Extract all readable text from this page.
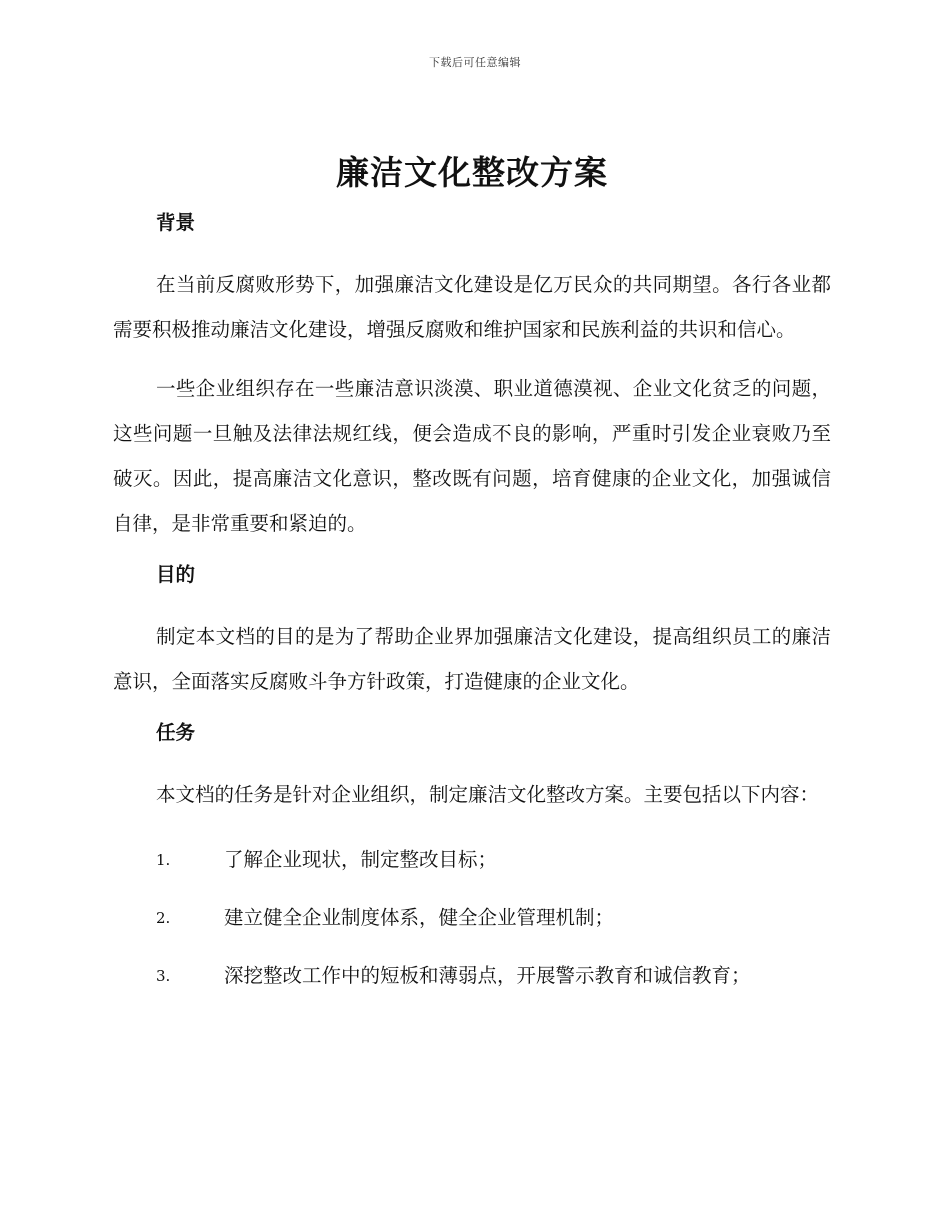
下载后可任意编辑
廉洁文化整改方案
背景

在当前反腐败形势下，加强廉洁文化建设是亿万民众的共同期望。各行各业都需要积极推动廉洁文化建设，增强反腐败和维护国家和民族利益的共识和信心。

一些企业组织存在一些廉洁意识淡漠、职业道德漠视、企业文化贫乏的问题，这些问题一旦触及法律法规红线，便会造成不良的影响，严重时引发企业衰败乃至破灭。因此，提高廉洁文化意识，整改既有问题，培育健康的企业文化，加强诚信自律，是非常重要和紧迫的。

目的

制定本文档的目的是为了帮助企业界加强廉洁文化建设，提高组织员工的廉洁意识，全面落实反腐败斗争方针政策，打造健康的企业文化。

任务

本文档的任务是针对企业组织，制定廉洁文化整改方案。主要包括以下内容：

1.	了解企业现状，制定整改目标；
2.	建立健全企业制度体系，健全企业管理机制；
3.	深挖整改工作中的短板和薄弱点，开展警示教育和诚信教育；
